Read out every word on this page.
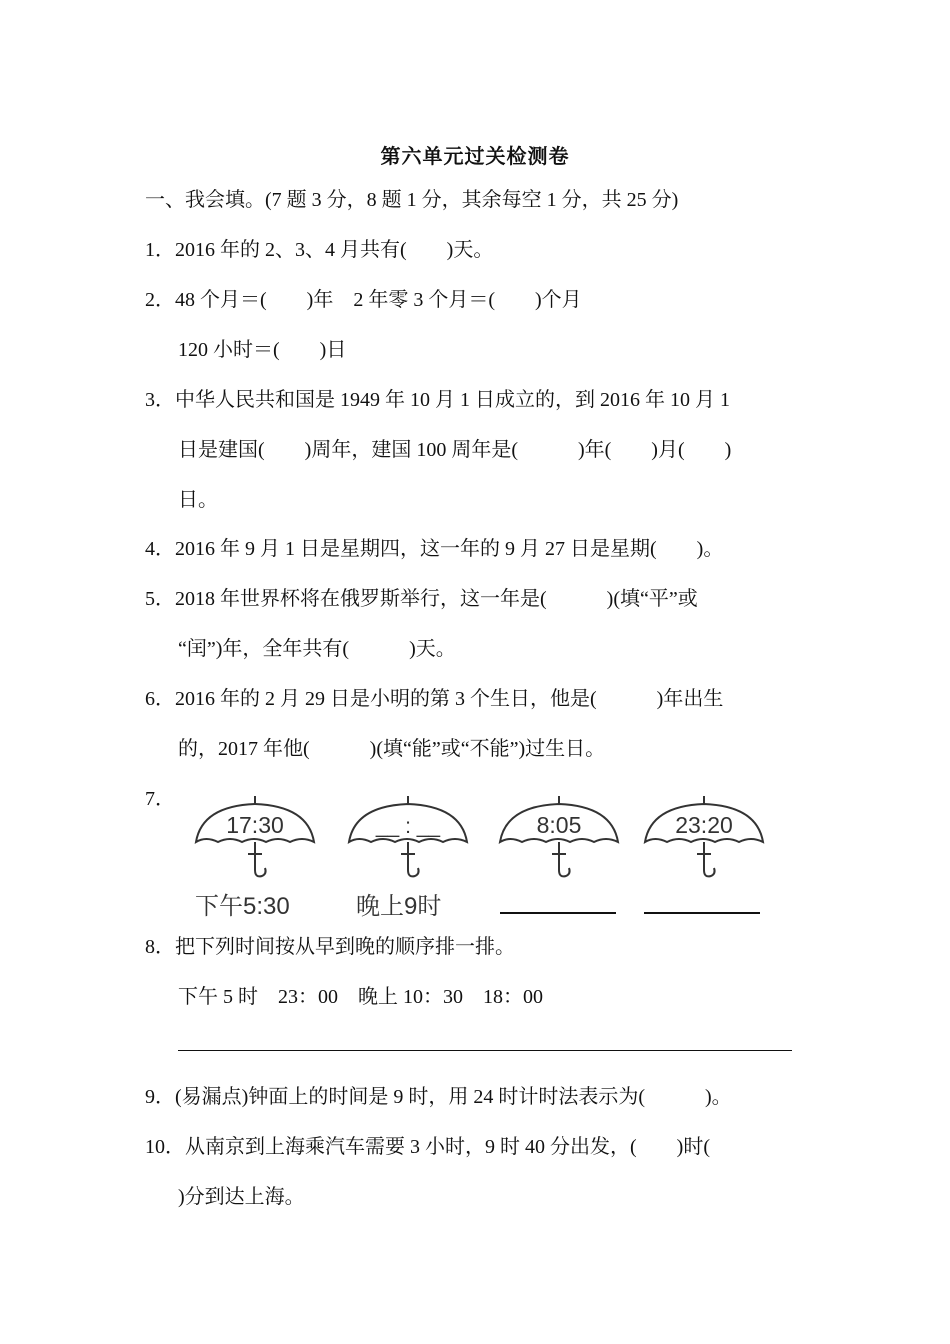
第六单元过关检测卷
一、我会填。(7 题 3 分，8 题 1 分，其余每空 1 分，共 25 分)
1．2016 年的 2、3、4 月共有(　　)天。
2．48 个月＝(　　)年　2 年零 3 个月＝(　　)个月
120 小时＝(　　)日
3．中华人民共和国是 1949 年 10 月 1 日成立的，到 2016 年 10 月 1
日是建国(　　)周年，建国 100 周年是(　　　)年(　　)月(　　)
日。
4．2016 年 9 月 1 日是星期四，这一年的 9 月 27 日是星期(　　)。
5．2018 年世界杯将在俄罗斯举行，这一年是(　　　)(填“平”或
“闰”)年，全年共有(　　　)天。
6．2016 年的 2 月 29 日是小明的第 3 个生日，他是(　　　)年出生
的，2017 年他(　　　)(填“能”或“不能”)过生日。
7．
17:30	__ : __	8:05	23:20
下午5:30	晚上9时
8．把下列时间按从早到晚的顺序排一排。
下午 5 时　23：00　晚上 10：30　18：00
9．(易漏点)钟面上的时间是 9 时，用 24 时计时法表示为(　　　)。
10．从南京到上海乘汽车需要 3 小时，9 时 40 分出发，(　　)时(
)分到达上海。
